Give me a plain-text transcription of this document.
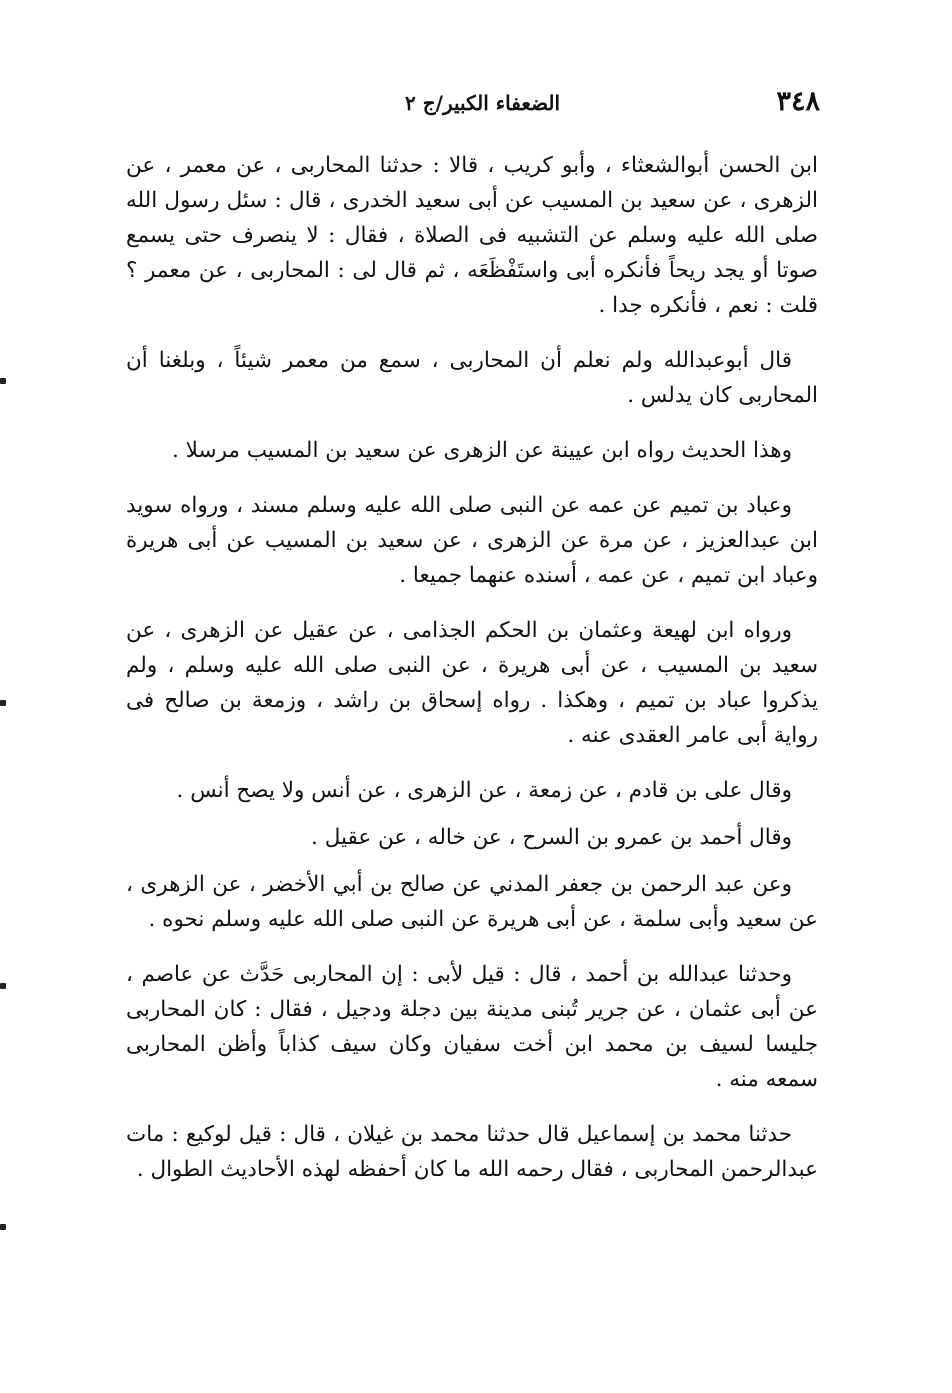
٣٤٨
الضعفاء الكبير/ج ٢

ابن الحسن أبوالشعثاء ، وأبو كريب ، قالا : حدثنا المحاربى ، عن معمر ، عن الزهرى ، عن سعيد بن المسيب عن أبى سعيد الخدرى ، قال : سئل رسول الله صلى الله عليه وسلم عن التشبيه فى الصلاة ، فقال : لا ينصرف حتى يسمع صوتا أو يجد ريحاً فأنكره أبى واستَفْظَعَه ، ثم قال لى : المحاربى ، عن معمر ؟ قلت : نعم ، فأنكره جدا .

قال أبوعبدالله ولم نعلم أن المحاربى ، سمع من معمر شيئاً ، وبلغنا أن المحاربى كان يدلس .

وهذا الحديث رواه ابن عيينة عن الزهرى عن سعيد بن المسيب مرسلا .

وعباد بن تميم عن عمه عن النبى صلى الله عليه وسلم مسند ، ورواه سويد ابن عبدالعزيز ، عن مرة عن الزهرى ، عن سعيد بن المسيب عن أبى هريرة وعباد ابن تميم ، عن عمه ، أسنده عنهما جميعا .

ورواه ابن لهيعة وعثمان بن الحكم الجذامى ، عن عقيل عن الزهرى ، عن سعيد بن المسيب ، عن أبى هريرة ، عن النبى صلى الله عليه وسلم ، ولم يذكروا عباد بن تميم ، وهكذا . رواه إسحاق بن راشد ، وزمعة بن صالح فى رواية أبى عامر العقدى عنه .

وقال على بن قادم ، عن زمعة ، عن الزهرى ، عن أنس ولا يصح أنس .

وقال أحمد بن عمرو بن السرح ، عن خاله ، عن عقيل .

وعن عبد الرحمن بن جعفر المدني عن صالح بن أبي الأخضر ، عن الزهرى ، عن سعيد وأبى سلمة ، عن أبى هريرة عن النبى صلى الله عليه وسلم نحوه .

وحدثنا عبدالله بن أحمد ، قال : قيل لأبى : إن المحاربى حَدَّث عن عاصم ، عن أبى عثمان ، عن جرير تُبنى مدينة بين دجلة ودجيل ، فقال : كان المحاربى جليسا لسيف بن محمد ابن أخت سفيان وكان سيف كذاباً وأظن المحاربى سمعه منه .

حدثنا محمد بن إسماعيل قال حدثنا محمد بن غيلان ، قال : قيل لوكيع : مات عبدالرحمن المحاربى ، فقال رحمه الله ما كان أحفظه لهذه الأحاديث الطوال .
